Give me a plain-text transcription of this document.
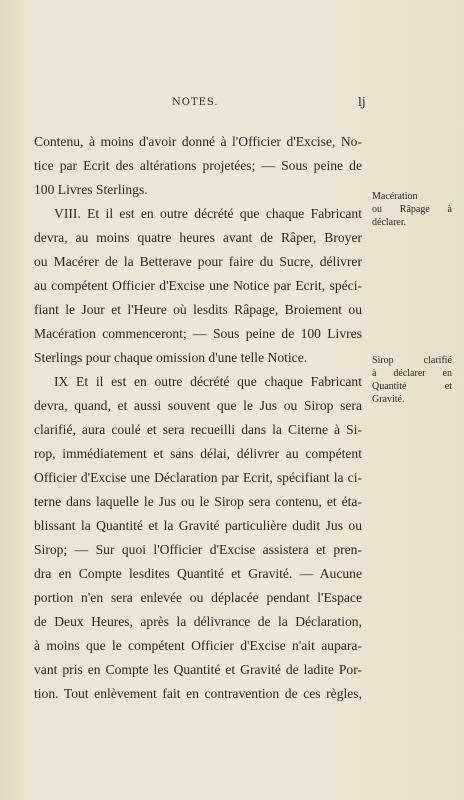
NOTES.	lj
Contenu, à moins d'avoir donné à l'Officier d'Excise, No-
tice par Ecrit des altérations projetées; — Sous peine de
100 Livres Sterlings.
VIII. Et il est en outre décrété que chaque Fabricant
devra, au moins quatre heures avant de Râper, Broyer
ou Macérer de la Betterave pour faire du Sucre, délivrer
au compétent Officier d'Excise une Notice par Ecrit, spéci-
fiant le Jour et l'Heure où lesdits Râpage, Broiement ou
Macération commenceront; — Sous peine de 100 Livres
Sterlings pour chaque omission d'une telle Notice.
IX Et il est en outre décrété que chaque Fabricant
devra, quand, et aussi souvent que le Jus ou Sirop sera
clarifié, aura coulé et sera recueilli dans la Citerne à Si-
rop, immédiatement et sans délai, délivrer au compétent
Officier d'Excise une Déclaration par Ecrit, spécifiant la ci-
terne dans laquelle le Jus ou le Sirop sera contenu, et éta-
blissant la Quantité et la Gravité particulière dudit Jus ou
Sirop; — Sur quoi l'Officier d'Excise assistera et pren-
dra en Compte lesdites Quantité et Gravité. — Aucune
portion n'en sera enlevée ou déplacée pendant l'Espace
de Deux Heures, après la délivrance de la Déclaration,
à moins que le compétent Officier d'Excise n'ait aupara-
vant pris en Compte les Quantité et Gravité de ladite Por-
tion. Tout enlèvement fait en contravention de ces règles,
Macération
ou Râpage à
déclarer.
Sirop clarifié
à déclarer en
Quantité et
Gravité.
